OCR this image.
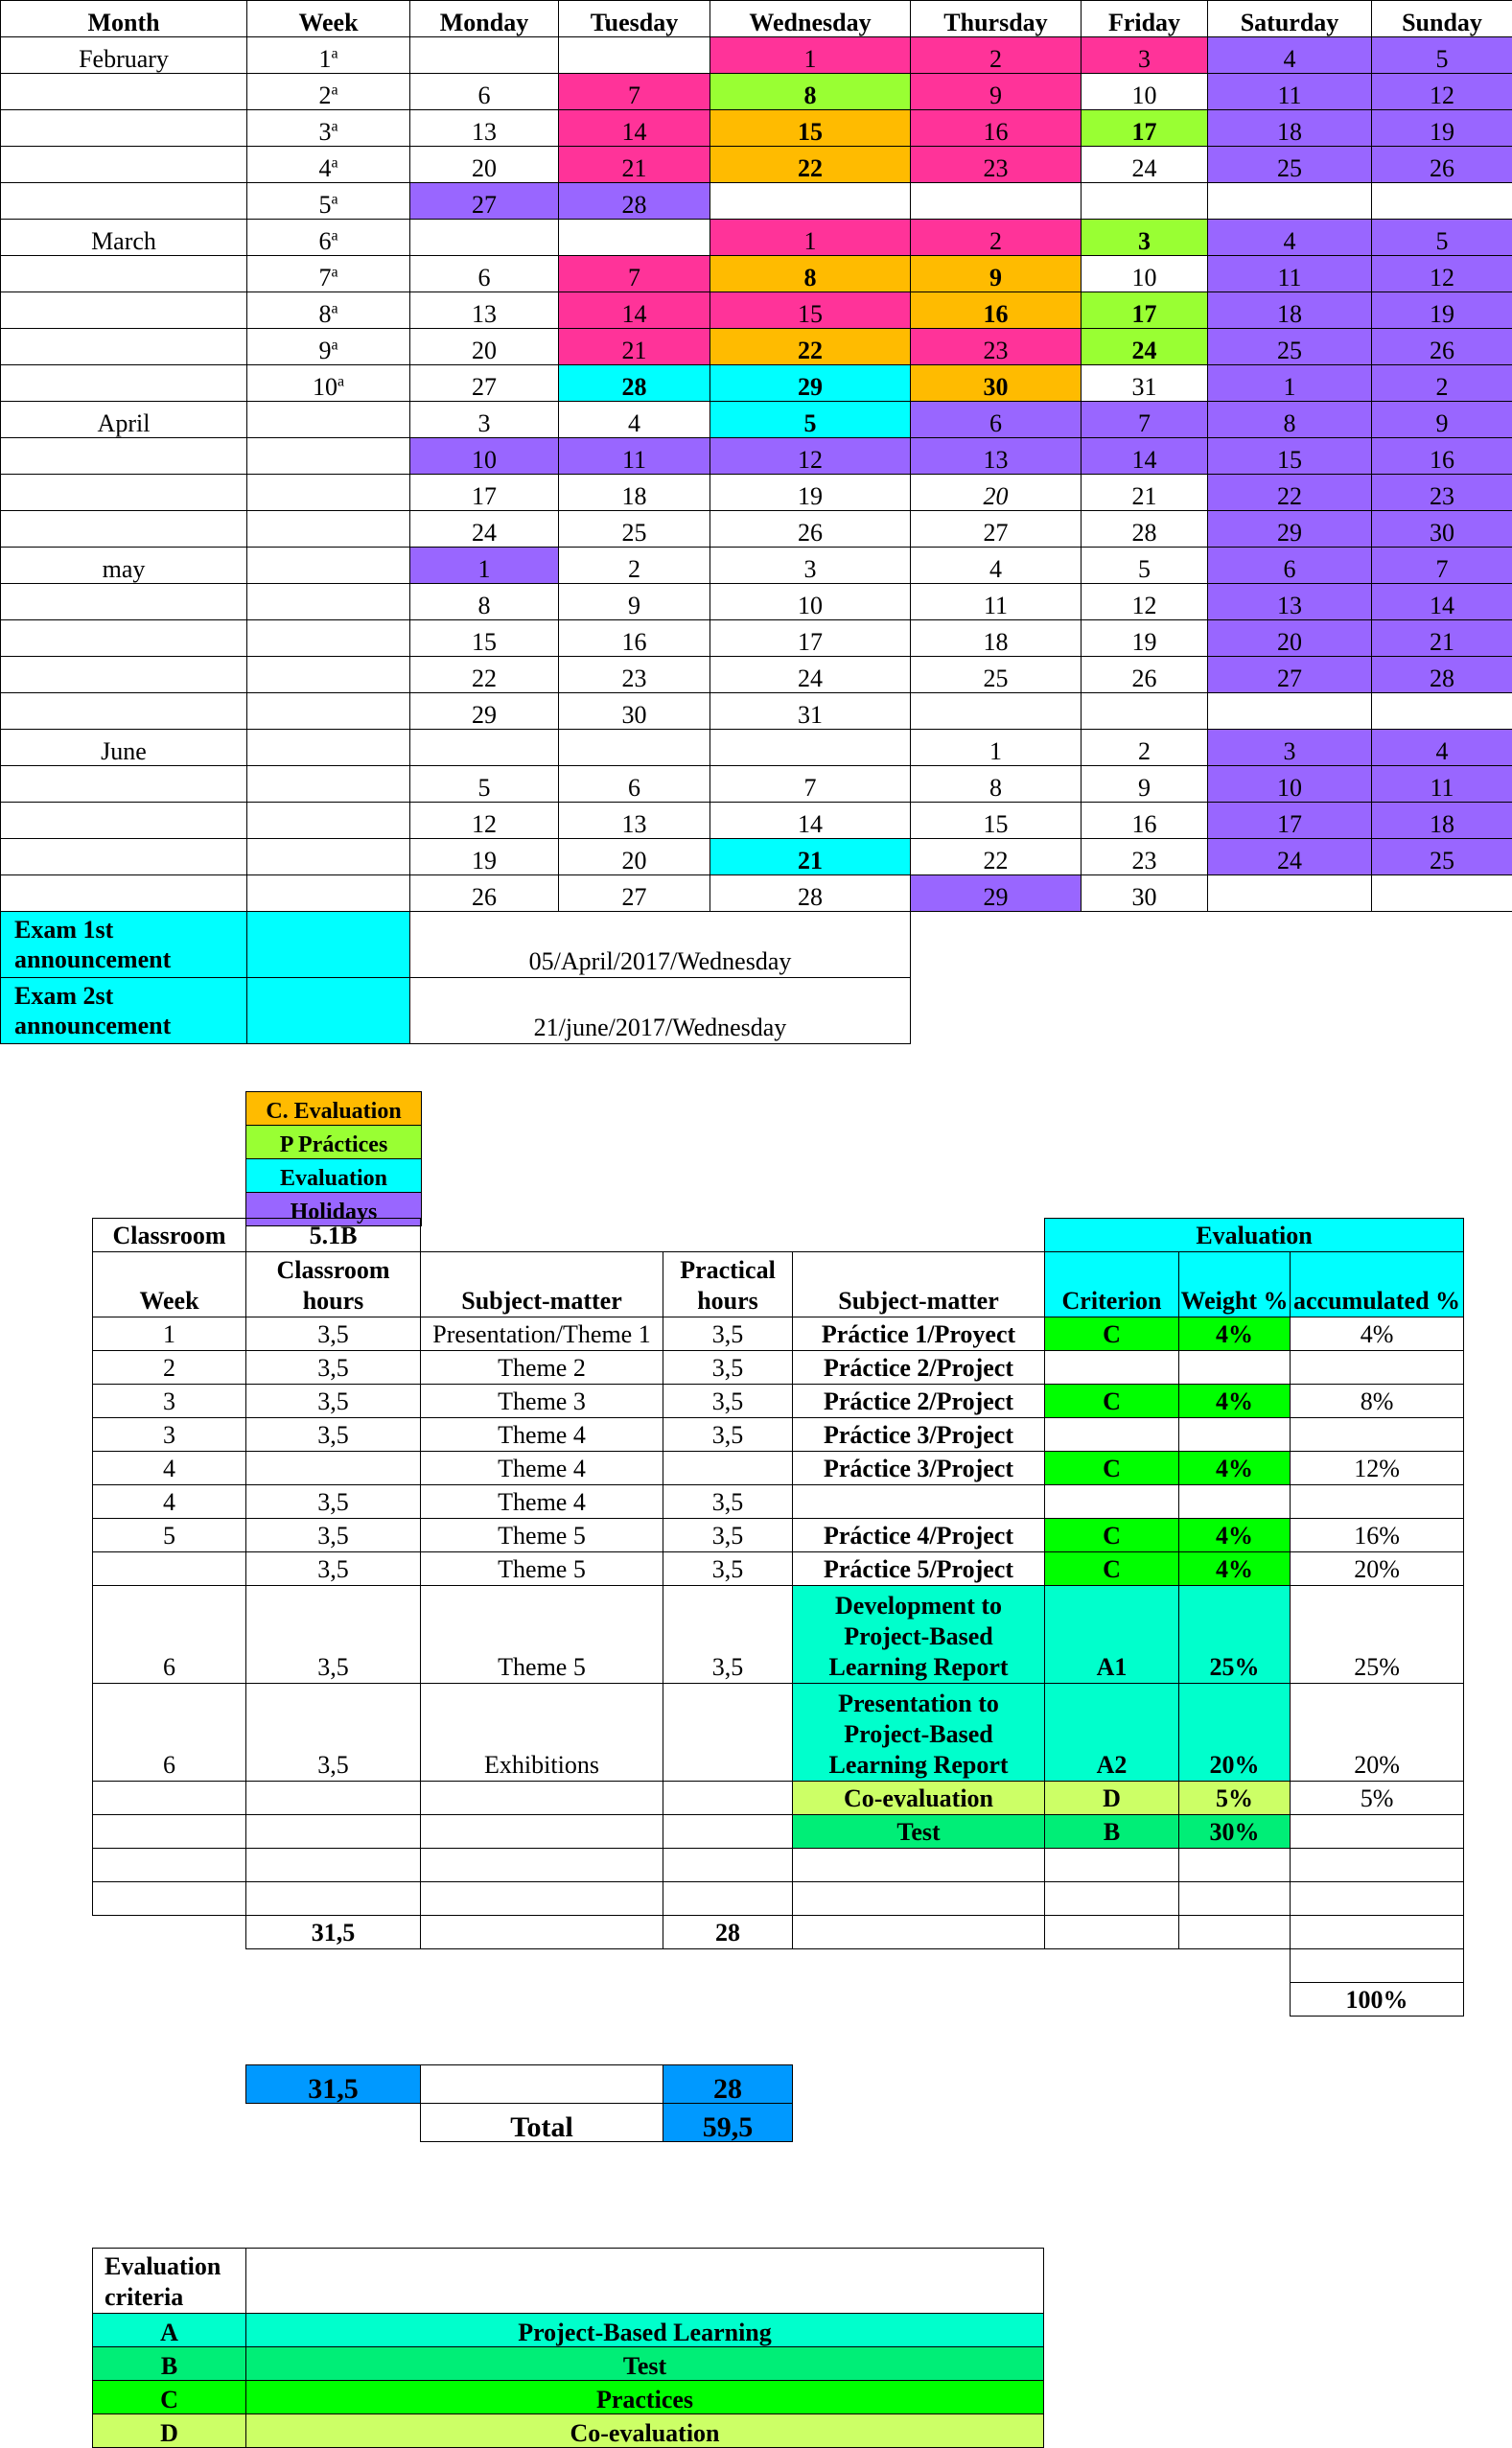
Month	Week	Monday	Tuesday	Wednesday	Thursday	Friday	Saturday	Sunday
February	1$^a$			1	2	3	4	5
	2$^a$	6	7	8	9	10	11	12
	3$^a$	13	14	15	16	17	18	19
	4$^a$	20	21	22	23	24	25	26
	5$^a$	27	28					
March	6$^a$			1	2	3	4	5
	7$^a$	6	7	8	9	10	11	12
	8$^a$	13	14	15	16	17	18	19
	9$^a$	20	21	22	23	24	25	26
	10$^a$	27	28	29	30	31	1	2
April		3	4	5	6	7	8	9
		10	11	12	13	14	15	16
		17	18	19	20	21	22	23
		24	25	26	27	28	29	30
may		1	2	3	4	5	6	7
		8	9	10	11	12	13	14
		15	16	17	18	19	20	21
		22	23	24	25	26	27	28
		29	30	31				
June					1	2	3	4
		5	6	7	8	9	10	11
		12	13	14	15	16	17	18
		19	20	21	22	23	24	25
		26	27	28	29	30		
Exam 1st announcement		05/April/2017/Wednesday						
Exam 2st announcement		21/june/2017/Wednesday						
C. Evaluation
P Práctices
Evaluation
Holidays
Classroom	5.1B				Evaluation		
Week	Classroom hours	Subject-matter	Practical hours	Subject-matter	Criterion	Weight %	accumulated %
1	3,5	Presentation/Theme 1	3,5	Práctice 1/Proyect	C	4%	4%
2	3,5	Theme 2	3,5	Práctice 2/Project			
3	3,5	Theme 3	3,5	Práctice 2/Project	C	4%	8%
3	3,5	Theme 4	3,5	Práctice 3/Project			
4		Theme 4		Práctice 3/Project	C	4%	12%
4	3,5	Theme 4	3,5				
5	3,5	Theme 5	3,5	Práctice 4/Project	C	4%	16%
	3,5	Theme 5	3,5	Práctice 5/Project	C	4%	20%
6	3,5	Theme 5	3,5	Development to Project-Based Learning Report	A1	25%	25%
6	3,5	Exhibitions		Presentation to Project-Based Learning Report	A2	20%	20%
				Co-evaluation	D	5%	5%
				Test	B	30%	

	31,5		28				

							100%
31,5		28
	Total	59,5
Evaluation criteria	
A	Project-Based Learning
B	Test
C	Practices
D	Co-evaluation
